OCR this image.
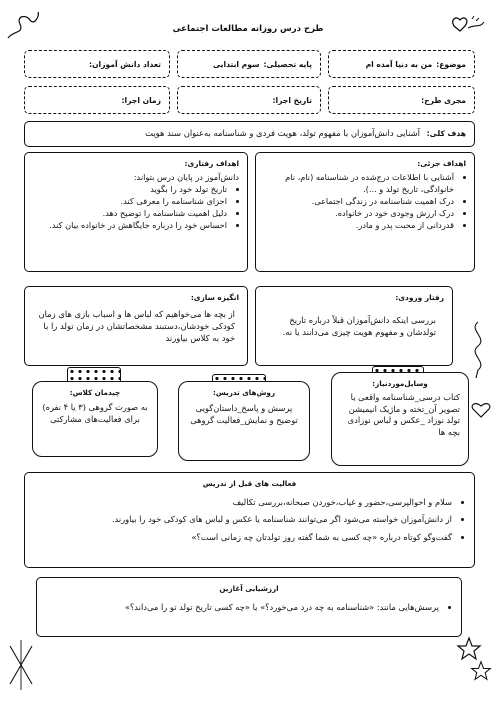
طرح درس روزانه مطالعات اجتماعی
موضوع:من به دنیا آمده ام
پایه تحصیلی:سوم ابتدایی
تعداد دانش آموزان:
مجری طرح:
تاریخ اجرا:
زمان اجرا:
هدف کلی: آشنایی دانش‌آموزان با مفهوم تولد، هویت فردی و شناسنامه به‌عنوان سند هویت
اهداف جزئی:
• آشنایی با اطلاعات درج‌شده در شناسنامه (نام، نام خانوادگی، تاریخ تولد و ...).
• درک اهمیت شناسنامه در زندگی اجتماعی.
• درک ارزش وجودی خود در خانواده.
• قدردانی از محبت پدر و مادر.
اهداف رفتاری:
دانش‌آموز در پایان درس بتواند:
• تاریخ تولد خود را بگوید
• اجزای شناسنامه را معرفی کند.
• دلیل اهمیت شناسنامه را توضیح دهد.
• احساس خود را درباره جایگاهش در خانواده بیان کند.
رفتار ورودی:
بررسی اینکه دانش‌آموزان قبلاً درباره تاریخ تولدشان و مفهوم هویت چیزی می‌دانند یا نه.
انگیزه سازی:
از بچه ها می‌خواهیم که لباس ها و اسباب بازی های زمان کودکی خودشان،دستبند مشخصاتشان در زمان تولد را با خود به کلاس بیاورند
وسایل‌موردنیاز:
کتاب درسی_شناسنامه واقعی یا تصویر آن_تخته و ماژیک انیمیشن تولد نوزاد _عکس و لباس نوزادی بچه ها
روش‌های تدریس:
پرسش و پاسخ_داستان‌گویی توضیح و نمایش_فعالیت گروهی
چیدمان کلاس:
به صورت گروهی (۳ یا ۴ نفره) برای فعالیت‌های مشارکتی
فعالیت های قبل از تدریس
• سلام و احوالپرسی،حضور و غیاب،خوردن صبحانه،بررسی تکالیف
• از دانش‌آموزان خواسته می‌شود اگر می‌توانند شناسنامه یا عکس و لباس های کودکی خود را بیاورند.
• گفت‌وگو کوتاه درباره «چه کسی به شما گفته روز تولدتان چه زمانی است؟»
ارزشیابی آغازین
• پرسش‌هایی مانند: «شناسنامه به چه درد می‌خورد؟» یا «چه کسی تاریخ تولد تو را می‌داند؟»
